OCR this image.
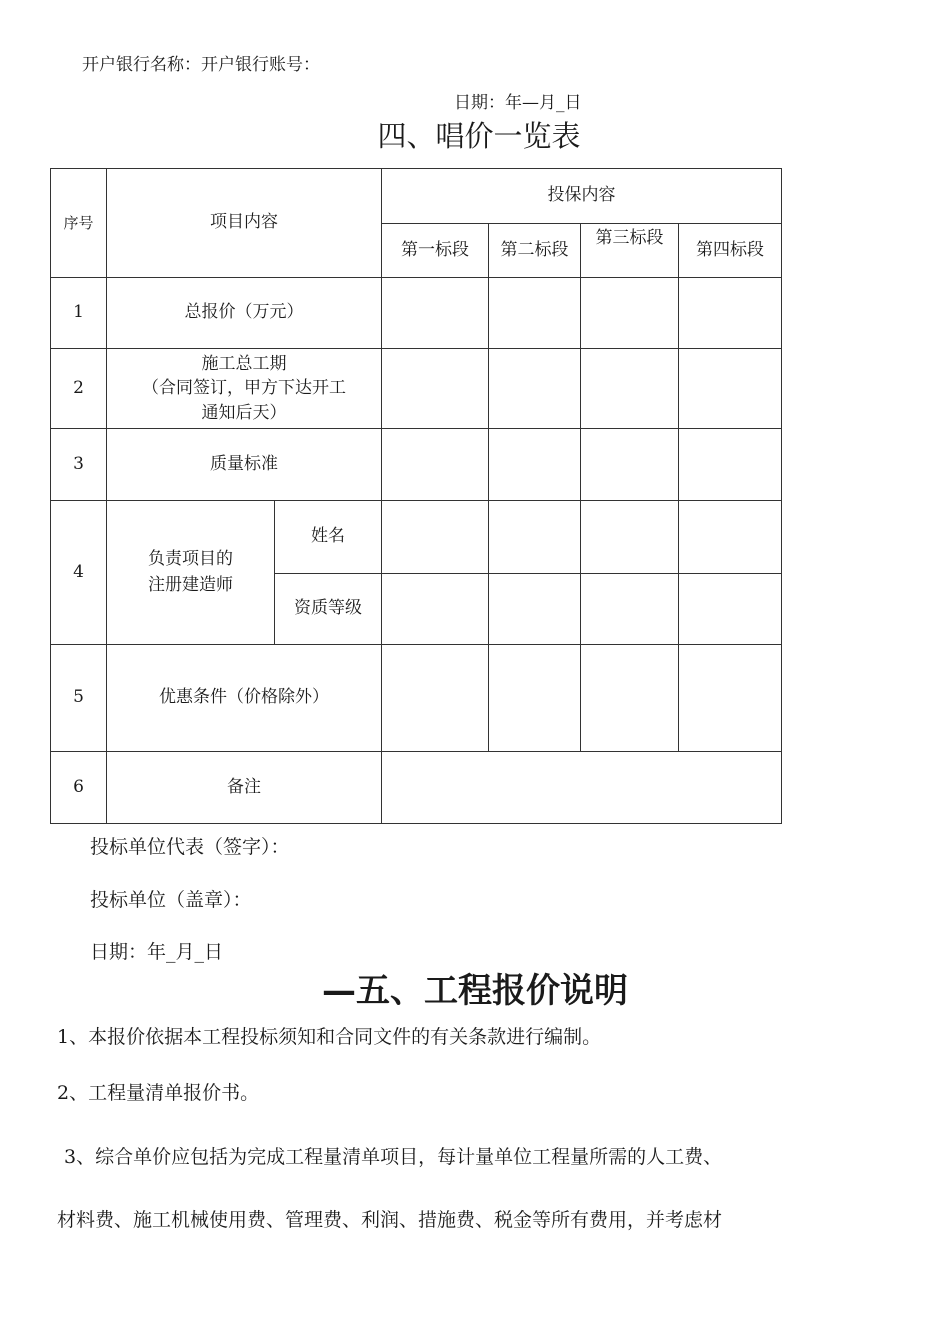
开户银行名称：开户银行账号：
日期：年—月_日
四、唱价一览表
序号	项目内容		投保内容			
			第一标段	第二标段	第三标段	第四标段
1	总报价（万元）					
2	施工总工期
（合同签订，甲方下达开工
通知后天）					

3	质量标准					
4	负责项目的
注册建造师	姓名				
		资质等级				
5	优惠条件（价格除外）					
6	备注					
投标单位代表（签字）：
投标单位（盖章）：
日期：年_月_日
—五、工程报价说明
1、本报价依据本工程投标须知和合同文件的有关条款进行编制。
2、工程量清单报价书。
3、综合单价应包括为完成工程量清单项目，每计量单位工程量所需的人工费、
材料费、施工机械使用费、管理费、利润、措施费、税金等所有费用，并考虑材
